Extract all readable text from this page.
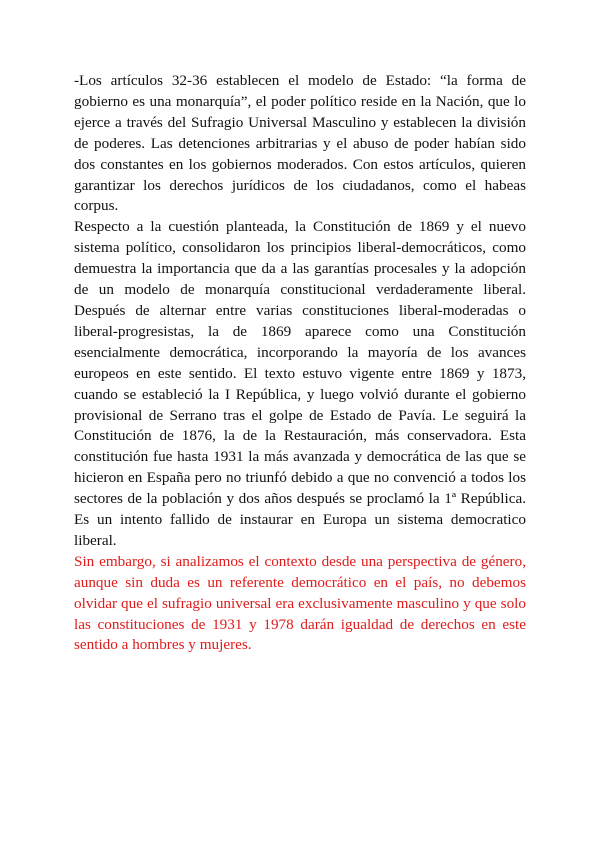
-Los artículos 32-36 establecen el modelo de Estado: “la forma de gobierno es una monarquía”, el poder político reside en la Nación, que lo ejerce a través del Sufragio Universal Masculino y establecen la división de poderes. Las detenciones arbitrarias y el abuso de poder habían sido dos constantes en los gobiernos moderados. Con estos artículos, quieren garantizar los derechos jurídicos de los ciudadanos, como el habeas corpus.

Respecto a la cuestión planteada, la Constitución de 1869 y el nuevo sistema político, consolidaron los principios liberal-democráticos, como demuestra la importancia que da a las garantías procesales y la adopción de un modelo de monarquía constitucional verdaderamente liberal. Después de alternar entre varias constituciones liberal-moderadas o liberal-progresistas, la de 1869 aparece como una Constitución esencialmente democrática, incorporando la mayoría de los avances europeos en este sentido. El texto estuvo vigente entre 1869 y 1873, cuando se estableció la I República, y luego volvió durante el gobierno provisional de Serrano tras el golpe de Estado de Pavía. Le seguirá la Constitución de 1876, la de la Restauración, más conservadora. Esta constitución fue hasta 1931 la más avanzada y democrática de las que se hicieron en España pero no triunfó debido a que no convenció a todos los sectores de la población y dos años después se proclamó la 1ª República. Es un intento fallido de instaurar en Europa un sistema democratico liberal.

Sin embargo, si analizamos el contexto desde una perspectiva de género, aunque sin duda es un referente democrático en el país, no debemos olvidar que el sufragio universal era exclusivamente masculino y que solo las constituciones de 1931 y 1978 darán igualdad de derechos en este sentido a hombres y mujeres.
